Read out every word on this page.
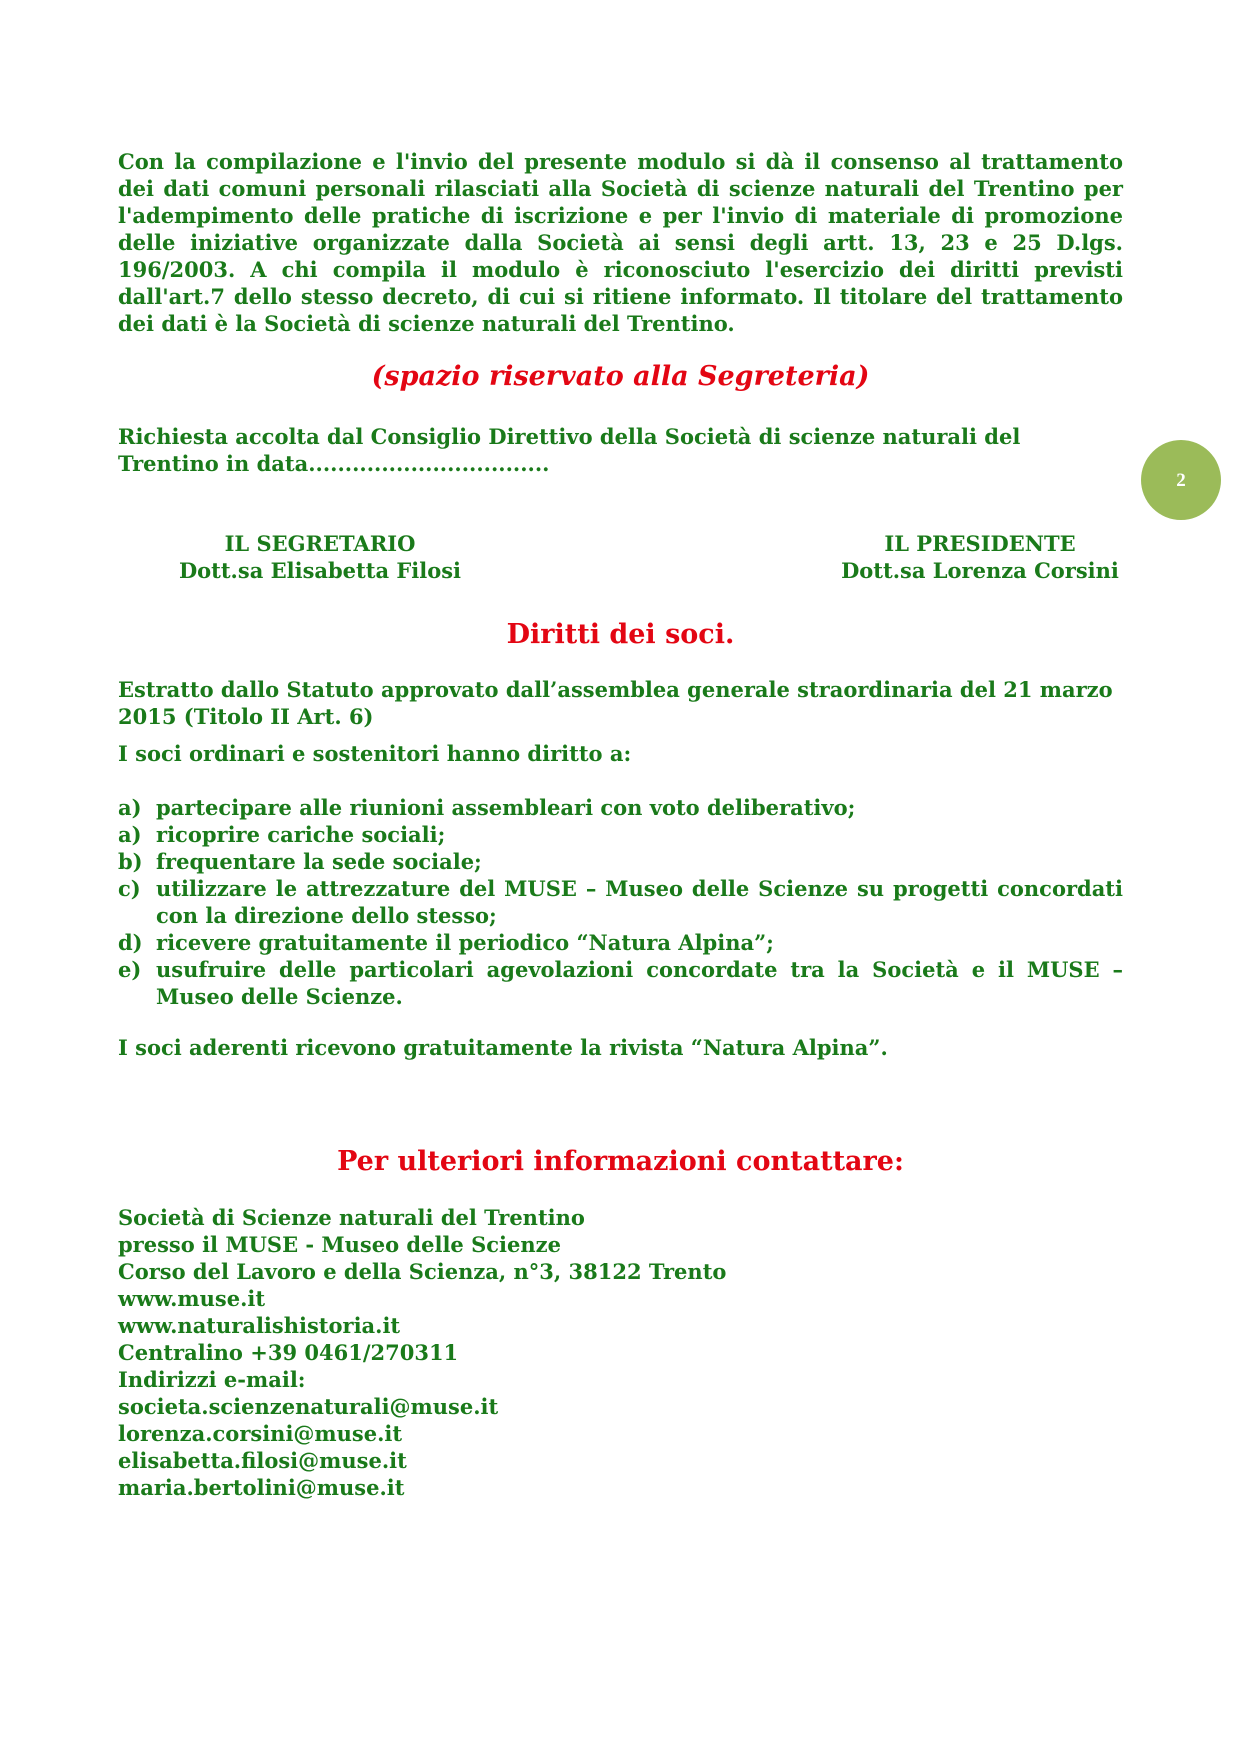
Con la compilazione e l'invio del presente modulo si dà il consenso al trattamento dei dati comuni personali rilasciati alla Società di scienze naturali del Trentino per l'adempimento delle pratiche di iscrizione e per l'invio di materiale di promozione delle iniziative organizzate dalla Società ai sensi degli artt. 13, 23 e 25 D.lgs. 196/2003. A chi compila il modulo è riconosciuto l'esercizio dei diritti previsti dall'art.7 dello stesso decreto, di cui si ritiene informato. Il titolare del trattamento dei dati è la Società di scienze naturali del Trentino.

(spazio riservato alla Segreteria)
Richiesta accolta dal Consiglio Direttivo della Società di scienze naturali del
Trentino in data.................................
2
IL SEGRETARIO
Dott.sa Elisabetta Filosi
IL PRESIDENTE
Dott.sa Lorenza Corsini
Diritti dei soci.

Estratto dallo Statuto approvato dall’assemblea generale straordinaria del 21 marzo 2015 (Titolo II Art. 6)

I soci ordinari e sostenitori hanno diritto a:
a) partecipare alle riunioni assembleari con voto deliberativo;
a) ricoprire cariche sociali;
b) frequentare la sede sociale;
c) utilizzare le attrezzature del MUSE – Museo delle Scienze su progetti concordati con la direzione dello stesso;
d) ricevere gratuitamente il periodico “Natura Alpina”;
e) usufruire delle particolari agevolazioni concordate tra la Società e il MUSE – Museo delle Scienze.
I soci aderenti ricevono gratuitamente la rivista “Natura Alpina”.
Per ulteriori informazioni contattare:
Società di Scienze naturali del Trentino
presso il MUSE - Museo delle Scienze
Corso del Lavoro e della Scienza, n°3, 38122 Trento
www.muse.it
www.naturalishistoria.it
Centralino +39 0461/270311
Indirizzi e-mail:
societa.scienzenaturali@muse.it
lorenza.corsini@muse.it
elisabetta.filosi@muse.it
maria.bertolini@muse.it
